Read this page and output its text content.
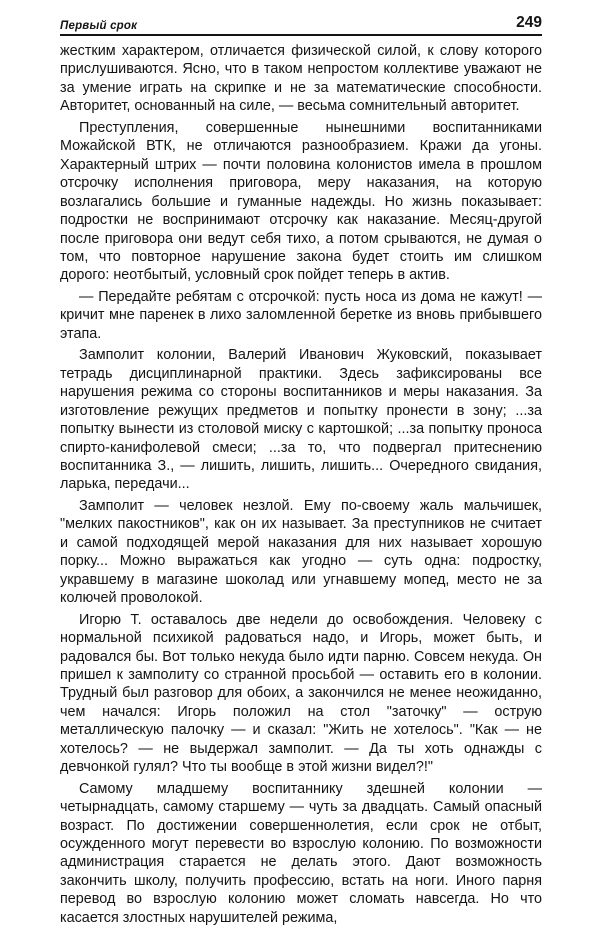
Первый срок	249

жестким характером, отличается физической силой, к слову которого прислушиваются. Ясно, что в таком непростом коллективе уважают не за умение играть на скрипке и не за математические способности. Авторитет, основанный на силе, — весьма сомнительный авторитет.

Преступления, совершенные нынешними воспитанниками Можайской ВТК, не отличаются разнообразием. Кражи да угоны. Характерный штрих — почти половина колонистов имела в прошлом отсрочку исполнения приговора, меру наказания, на которую возлагались большие и гуманные надежды. Но жизнь показывает: подростки не воспринимают отсрочку как наказание. Месяц-другой после приговора они ведут себя тихо, а потом срываются, не думая о том, что повторное нарушение закона будет стоить им слишком дорого: неотбытый, условный срок пойдет теперь в актив.

— Передайте ребятам с отсрочкой: пусть носа из дома не кажут! — кричит мне паренек в лихо заломленной беретке из вновь прибывшего этапа.

Замполит колонии, Валерий Иванович Жуковский, показывает тетрадь дисциплинарной практики. Здесь зафиксированы все нарушения режима со стороны воспитанников и меры наказания. За изготовление режущих предметов и попытку пронести в зону; ...за попытку вынести из столовой миску с картошкой; ...за попытку проноса спирто-канифолевой смеси; ...за то, что подвергал притеснению воспитанника З., — лишить, лишить, лишить... Очередного свидания, ларька, передачи...

Замполит — человек незлой. Ему по-своему жаль мальчишек, "мелких пакостников", как он их называет. За преступников не считает и самой подходящей мерой наказания для них называет хорошую порку... Можно выражаться как угодно — суть одна: подростку, укравшему в магазине шоколад или угнавшему мопед, место не за колючей проволокой.

Игорю Т. оставалось две недели до освобождения. Человеку с нормальной психикой радоваться надо, и Игорь, может быть, и радовался бы. Вот только некуда было идти парню. Совсем некуда. Он пришел к замполиту со странной просьбой — оставить его в колонии. Трудный был разговор для обоих, а закончился не менее неожиданно, чем начался: Игорь положил на стол "заточку" — острую металлическую палочку — и сказал: "Жить не хотелось". "Как — не хотелось? — не выдержал замполит. — Да ты хоть однажды с девчонкой гулял? Что ты вообще в этой жизни видел?!"

Самому младшему воспитаннику здешней колонии — четырнадцать, самому старшему — чуть за двадцать. Самый опасный возраст. По достижении совершеннолетия, если срок не отбыт, осужденного могут перевести во взрослую колонию. По возможности администрация старается не делать этого. Дают возможность закончить школу, получить профессию, встать на ноги. Иного парня перевод во взрослую колонию может сломать навсегда. Но что касается злостных нарушителей режима,
